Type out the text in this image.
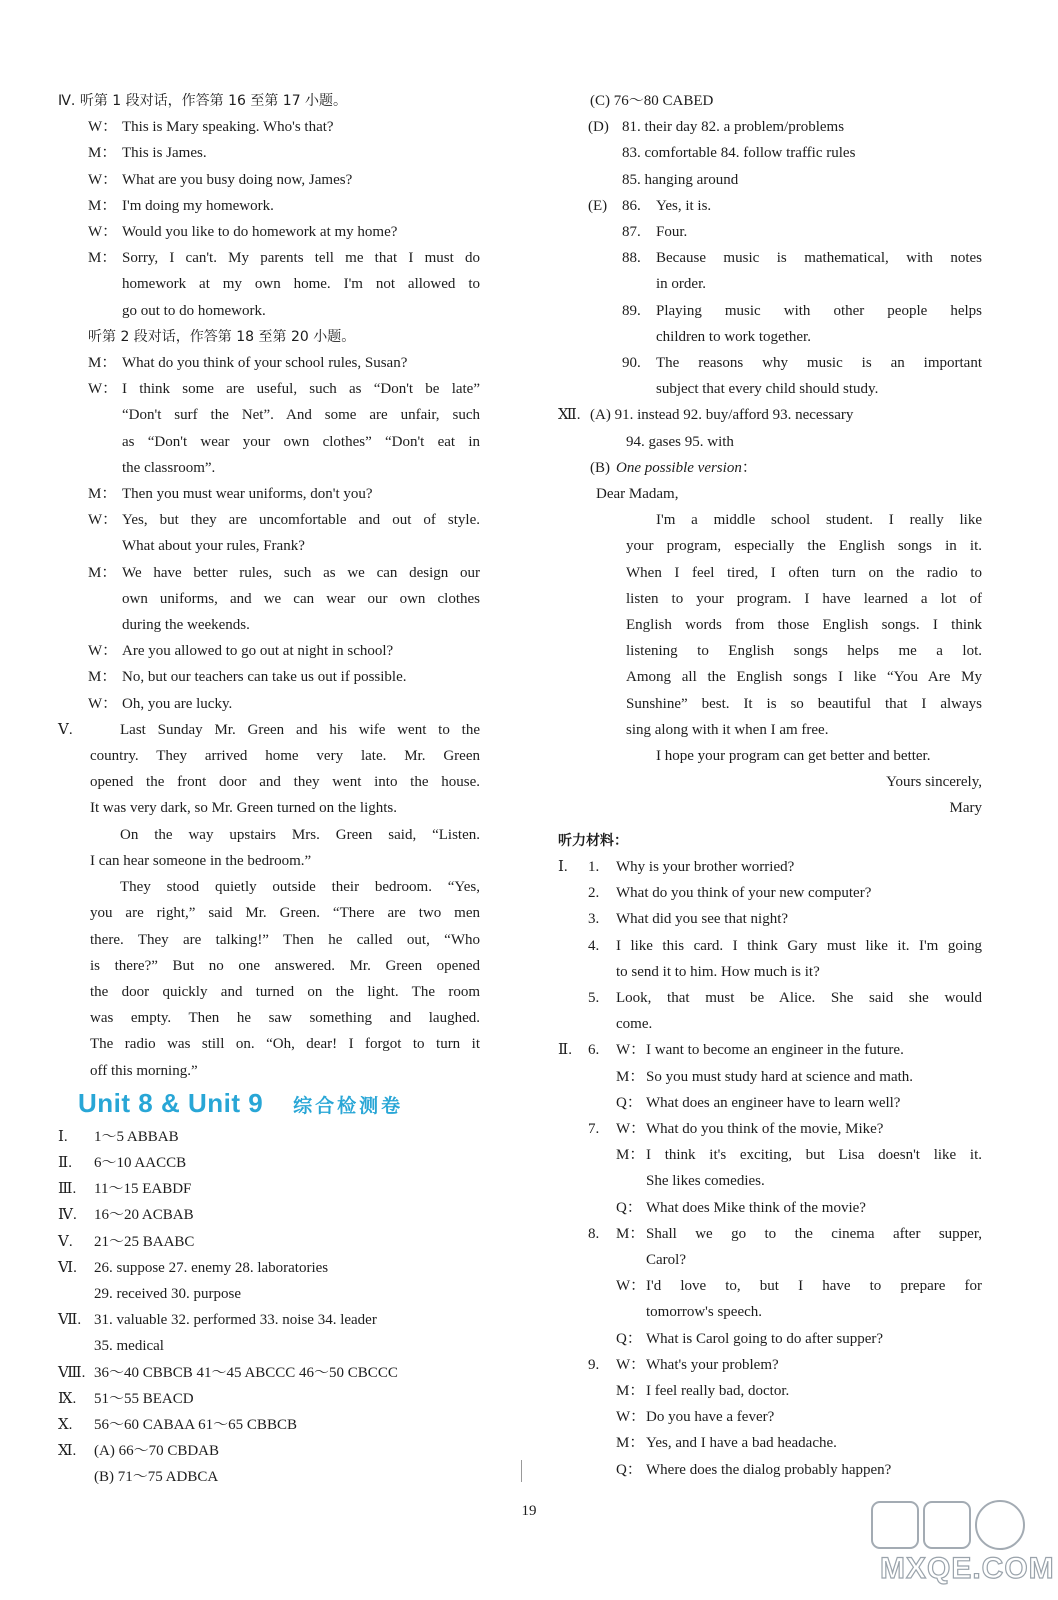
Ⅳ. 听第 1 段对话，作答第 16 至第 17 小题。
W： This is Mary speaking. Who's that?
M： This is James.
W： What are you busy doing now, James?
M： I'm doing my homework.
W： Would you like to do homework at my home?
M： Sorry, I can't. My parents tell me that I must do
homework at my own home. I'm not allowed to
go out to do homework.
听第 2 段对话，作答第 18 至第 20 小题。
M： What do you think of your school rules, Susan?
W： I think some are useful, such as “Don't be late”
“Don't surf the Net”. And some are unfair, such
as “Don't wear your own clothes” “Don't eat in
the classroom”.
M： Then you must wear uniforms, don't you?
W： Yes, but they are uncomfortable and out of style.
What about your rules, Frank?
M： We have better rules, such as we can design our
own uniforms, and we can wear our own clothes
during the weekends.
W： Are you allowed to go out at night in school?
M： No, but our teachers can take us out if possible.
W： Oh, you are lucky.
Ⅴ.	Last Sunday Mr. Green and his wife went to the
country. They arrived home very late. Mr. Green
opened the front door and they went into the house.
It was very dark, so Mr. Green turned on the lights.
On the way upstairs Mrs. Green said, “Listen.
I can hear someone in the bedroom.”
They stood quietly outside their bedroom. “Yes,
you are right,” said Mr. Green. “There are two men
there. They are talking!” Then he called out, “Who
is there?” But no one answered. Mr. Green opened
the door quickly and turned on the light. The room
was empty. Then he saw something and laughed.
The radio was still on. “Oh, dear! I forgot to turn it
off this morning.”
Unit 8 & Unit 9 综合检测卷
Ⅰ.	1～5 ABBAB
Ⅱ.	6～10 AACCB
Ⅲ.	11～15 EABDF
Ⅳ.	16～20 ACBAB
Ⅴ.	21～25 BAABC
Ⅵ.	26. suppose 27. enemy 28. laboratories
29. received 30. purpose
Ⅶ. 31. valuable 32. performed 33. noise 34. leader
35. medical
Ⅷ. 36～40 CBBCB 41～45 ABCCC 46～50 CBCCC
Ⅸ.	51～55 BEACD
Ⅹ.	56～60 CABAA 61～65 CBBCB
Ⅺ.	(A) 66～70 CBDAB
(B) 71～75 ADBCA
(C) 76～80 CABED
(D) 81. their day 82. a problem/problems
83. comfortable 84. follow traffic rules
85. hanging around
(E) 86.	Yes, it is.
87.	Four.
88.	Because music is mathematical, with notes
in order.
89.	Playing music with other people helps
children to work together.
90.	The reasons why music is an important
subject that every child should study.
Ⅻ. (A) 91. instead 92. buy/afford 93. necessary
94. gases 95. with
(B) One possible version：
Dear Madam,
I'm a middle school student. I really like
your program, especially the English songs in it.
When I feel tired, I often turn on the radio to
listen to your program. I have learned a lot of
English words from those English songs. I think
listening to English songs helps me a lot.
Among all the English songs I like “You Are My
Sunshine” best. It is so beautiful that I always
sing along with it when I am free.
I hope your program can get better and better.
Yours sincerely,
Mary
听力材料：
Ⅰ.	1.	Why is your brother worried?
2.	What do you think of your new computer?
3.	What did you see that night?
4.	I like this card. I think Gary must like it. I'm going
to send it to him. How much is it?
5.	Look, that must be Alice. She said she would
come.
Ⅱ.	6.	W： I want to become an engineer in the future.
M： So you must study hard at science and math.
Q： What does an engineer have to learn well?
7.	W： What do you think of the movie, Mike?
M： I think it's exciting, but Lisa doesn't like it.
She likes comedies.
Q： What does Mike think of the movie?
8.	M： Shall we go to the cinema after supper,
Carol?
W： I'd love to, but I have to prepare for
tomorrow's speech.
Q： What is Carol going to do after supper?
9.	W： What's your problem?
M： I feel really bad, doctor.
W： Do you have a fever?
M： Yes, and I have a bad headache.
Q： Where does the dialog probably happen?
19
MXQE.COM
